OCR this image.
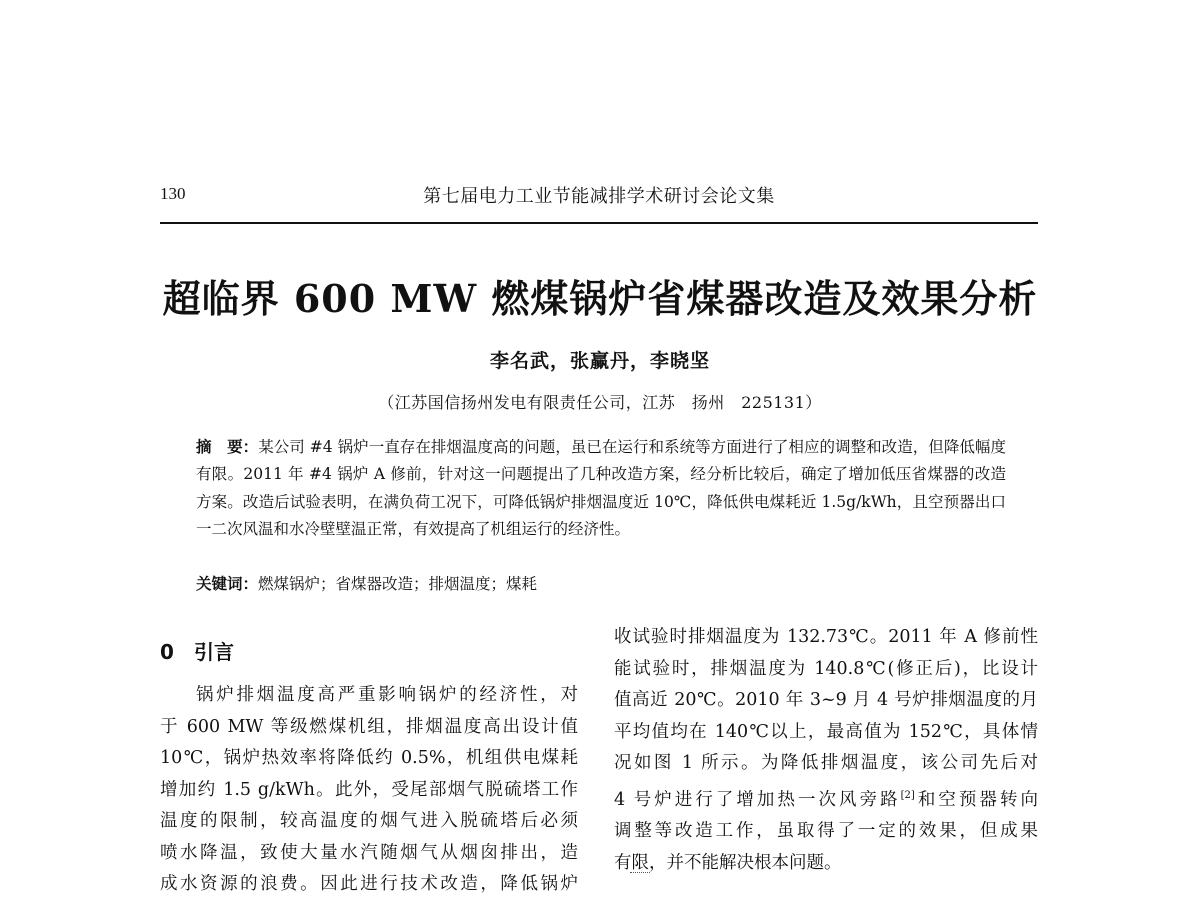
130	第七届电力工业节能减排学术研讨会论文集
超临界 600 MW 燃煤锅炉省煤器改造及效果分析
李名武，张赢丹，李晓坚
（江苏国信扬州发电有限责任公司，江苏　扬州　225131）
摘　要：某公司 #4 锅炉一直存在排烟温度高的问题，虽已在运行和系统等方面进行了相应的调整和改造，但降低幅度有限。2011 年 #4 锅炉 A 修前，针对这一问题提出了几种改造方案，经分析比较后，确定了增加低压省煤器的改造方案。改造后试验表明，在满负荷工况下，可降低锅炉排烟温度近 10℃，降低供电煤耗近 1.5g/kWh，且空预器出口一二次风温和水冷壁壁温正常，有效提高了机组运行的经济性。
关键词：燃煤锅炉；省煤器改造；排烟温度；煤耗
0 引言
锅炉排烟温度高严重影响锅炉的经济性，对
于 600 MW 等级燃煤机组，排烟温度高出设计值
10℃，锅炉热效率将降低约 0.5%，机组供电煤耗
增加约 1.5 g/kWh。此外，受尾部烟气脱硫塔工作
温度的限制，较高温度的烟气进入脱硫塔后必须
喷水降温，致使大量水汽随烟气从烟囱排出，造
成水资源的浪费。因此进行技术改造，降低锅炉
收试验时排烟温度为 132.73℃。2011 年 A 修前性
能试验时，排烟温度为 140.8℃(修正后)，比设计
值高近 20℃。2010 年 3~9 月 4 号炉排烟温度的月
平均值均在 140℃以上，最高值为 152℃，具体情
况如图 1 所示。为降低排烟温度，该公司先后对
4 号炉进行了增加热一次风旁路[2]和空预器转向
调整等改造工作，虽取得了一定的效果，但成果
有限，并不能解决根本问题。
